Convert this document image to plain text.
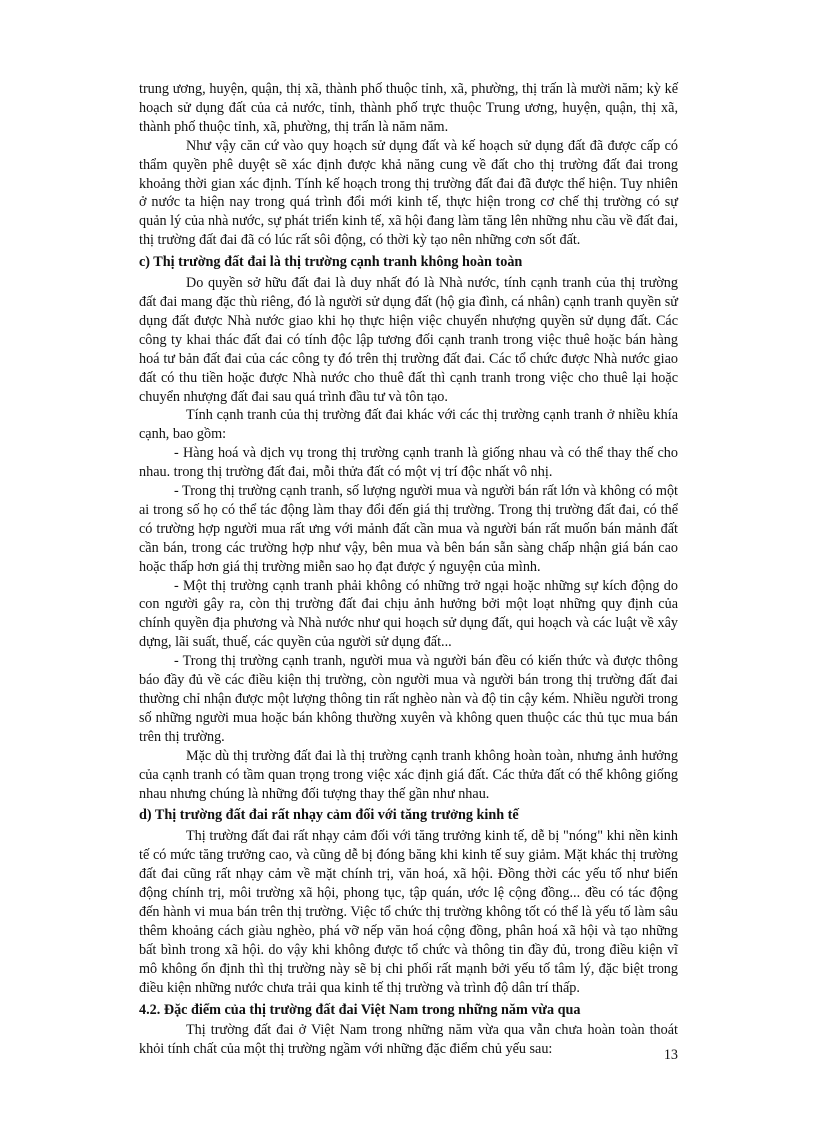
trung ương, huyện, quận, thị xã, thành phố thuộc tỉnh, xã, phường, thị trấn là mười năm; kỳ kế hoạch sử dụng đất của cả nước, tỉnh, thành phố trực thuộc Trung ương, huyện, quận, thị xã, thành phố thuộc tỉnh, xã, phường, thị trấn là năm năm.

Như vậy căn cứ vào quy hoạch sử dụng đất và kế hoạch sử dụng đất đã được cấp có thẩm quyền phê duyệt sẽ xác định được khả năng cung về đất cho thị trường đất đai trong khoảng thời gian xác định. Tính kế hoạch trong thị trường đất đai đã được thể hiện. Tuy nhiên ở nước ta hiện nay trong quá trình đổi mới kinh tế, thực hiện trong cơ chế thị trường có sự quản lý của nhà nước, sự phát triển kinh tế, xã hội đang làm tăng lên những nhu cầu về đất đai, thị trường đất đai đã có lúc rất sôi động, có thời kỳ tạo nên những cơn sốt đất.

c) Thị trường đất đai là thị trường cạnh tranh không hoàn toàn

Do quyền sở hữu đất đai là duy nhất đó là Nhà nước, tính cạnh tranh của thị trường đất đai mang đặc thù riêng, đó là người sử dụng đất (hộ gia đình, cá nhân) cạnh tranh quyền sử dụng đất được Nhà nước giao khi họ thực hiện việc chuyển nhượng quyền sử dụng đất. Các công ty khai thác đất đai có tính độc lập tương đối cạnh tranh trong việc thuê hoặc bán hàng hoá tư bản đất đai của các công ty đó trên thị trường đất đai. Các tổ chức được Nhà nước giao đất có thu tiền hoặc được Nhà nước cho thuê đất thì cạnh tranh trong việc cho thuê lại hoặc chuyển nhượng đất đai sau quá trình đầu tư và tôn tạo.

Tính cạnh tranh của thị trường đất đai khác với các thị trường cạnh tranh ở nhiều khía cạnh, bao gồm:

- Hàng hoá và dịch vụ trong thị trường cạnh tranh là giống nhau và có thể thay thế cho nhau. trong thị trường đất đai, mỗi thửa đất có một vị trí độc nhất vô nhị.

- Trong thị trường cạnh tranh, số lượng người mua và người bán rất lớn và không có một ai trong số họ có thể tác động làm thay đổi đến giá thị trường. Trong thị trường đất đai, có thể có trường hợp người mua rất ưng với mảnh đất cần mua và người bán rất muốn bán mảnh đất cần bán, trong các trường hợp như vậy, bên mua và bên bán sẵn sàng chấp nhận giá bán cao hoặc thấp hơn giá thị trường miễn sao họ đạt được ý nguyện của mình.

- Một thị trường cạnh tranh phải không có những trở ngại hoặc những sự kích động do con người gây ra, còn thị trường đất đai chịu ảnh hưởng bởi một loạt những quy định của chính quyền địa phương và Nhà nước như qui hoạch sử dụng đất, qui hoạch và các luật về xây dựng, lãi suất, thuế, các quyền của người sử dụng đất...

- Trong thị trường cạnh tranh, người mua và người bán đều có kiến thức và được thông báo đầy đủ về các điều kiện thị trường, còn người mua và người bán trong thị trường đất đai thường chỉ nhận được một lượng thông tin rất nghèo nàn và độ tin cậy kém. Nhiều người trong số những người mua hoặc bán không thường xuyên và không quen thuộc các thủ tục mua bán trên thị trường.

Mặc dù thị trường đất đai là thị trường cạnh tranh không hoàn toàn, nhưng ảnh hưởng của cạnh tranh có tầm quan trọng trong việc xác định giá đất. Các thửa đất có thể không giống nhau nhưng chúng là những đối tượng thay thế gần như nhau.

d) Thị trường đất đai rất nhạy cảm đối với tăng trưởng kinh tế

Thị trường đất đai rất nhạy cảm đối với tăng trưởng kinh tế, dễ bị "nóng" khi nền kinh tế có mức tăng trưởng cao, và cũng dễ bị đóng băng khi kinh tế suy giảm. Mặt khác thị trường đất đai cũng rất nhạy cảm về mặt chính trị, văn hoá, xã hội. Đồng thời các yếu tố như biến động chính trị, môi trường xã hội, phong tục, tập quán, ước lệ cộng đồng... đều có tác động đến hành vi mua bán trên thị trường. Việc tổ chức thị trường không tốt có thể là yếu tố làm sâu thêm khoảng cách giàu nghèo, phá vỡ nếp văn hoá cộng đồng, phân hoá xã hội và tạo những bất bình trong xã hội. do vậy khi không được tổ chức và thông tin đầy đủ, trong điều kiện vĩ mô không ổn định thì thị trường này sẽ bị chi phối rất mạnh bởi yếu tố tâm lý, đặc biệt trong điều kiện những nước chưa trải qua kinh tế thị trường và trình độ dân trí thấp.

4.2. Đặc điểm của thị trường đất đai Việt Nam trong những năm vừa qua

Thị trường đất đai ở Việt Nam trong những năm vừa qua vẫn chưa hoàn toàn thoát khỏi tính chất của một thị trường ngầm với những đặc điểm chủ yếu sau:	13
